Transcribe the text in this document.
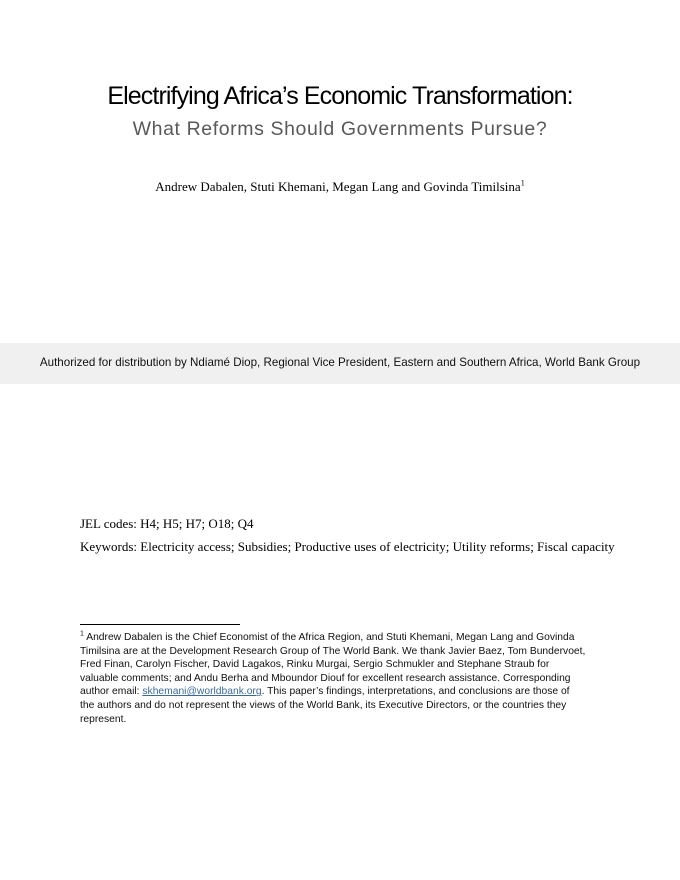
Electrifying Africa’s Economic Transformation:
What Reforms Should Governments Pursue?
Andrew Dabalen, Stuti Khemani, Megan Lang and Govinda Timilsina$^1$
Authorized for distribution by Ndiamé Diop, Regional Vice President, Eastern and Southern Africa, World Bank Group
JEL codes: H4; H5; H7; O18; Q4
Keywords: Electricity access; Subsidies; Productive uses of electricity; Utility reforms; Fiscal capacity

$^1$ Andrew Dabalen is the Chief Economist of the Africa Region, and Stuti Khemani, Megan Lang and Govinda

Timilsina are at the Development Research Group of The World Bank. We thank Javier Baez, Tom Bundervoet,

Fred Finan, Carolyn Fischer, David Lagakos, Rinku Murgai, Sergio Schmukler and Stephane Straub for

valuable comments; and Andu Berha and Mboundor Diouf for excellent research assistance. Corresponding

author email: skhemani@worldbank.org. This paper’s findings, interpretations, and conclusions are those of

the authors and do not represent the views of the World Bank, its Executive Directors, or the countries they

represent.
